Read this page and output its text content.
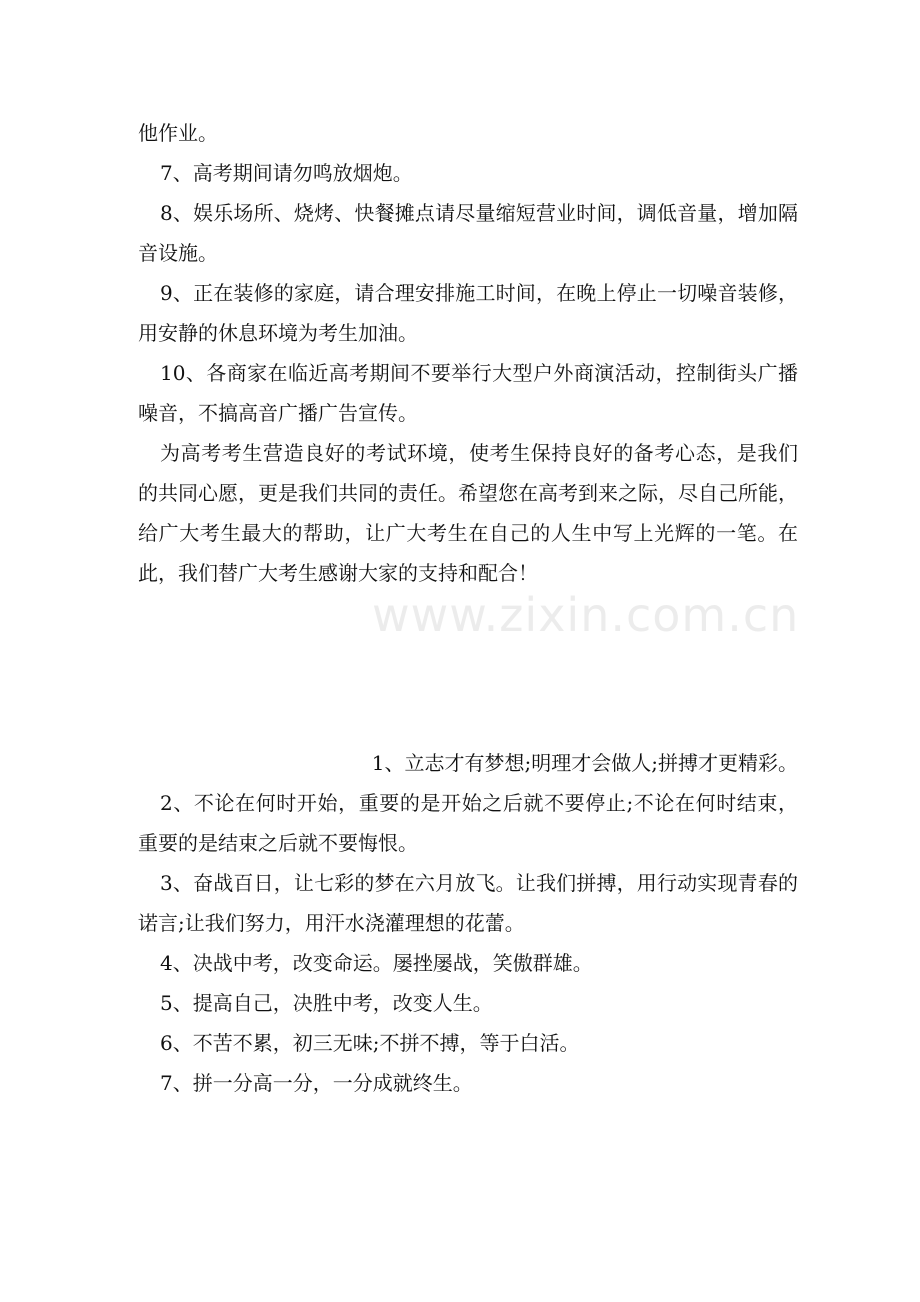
他作业。

7、高考期间请勿鸣放烟炮。

8、娱乐场所、烧烤、快餐摊点请尽量缩短营业时间，调低音量，增加隔音设施。

9、正在装修的家庭，请合理安排施工时间，在晚上停止一切噪音装修，用安静的休息环境为考生加油。

10、各商家在临近高考期间不要举行大型户外商演活动，控制街头广播噪音，不搞高音广播广告宣传。

为高考考生营造良好的考试环境，使考生保持良好的备考心态，是我们的共同心愿，更是我们共同的责任。希望您在高考到来之际，尽自己所能，给广大考生最大的帮助，让广大考生在自己的人生中写上光辉的一笔。在此，我们替广大考生感谢大家的支持和配合！

1、立志才有梦想;明理才会做人;拼搏才更精彩。

2、不论在何时开始，重要的是开始之后就不要停止;不论在何时结束，重要的是结束之后就不要悔恨。

3、奋战百日，让七彩的梦在六月放飞。让我们拼搏，用行动实现青春的诺言;让我们努力，用汗水浇灌理想的花蕾。

4、决战中考，改变命运。屡挫屡战，笑傲群雄。

5、提高自己，决胜中考，改变人生。

6、不苦不累，初三无味;不拼不搏，等于白活。

7、拼一分高一分，一分成就终生。

www.zixin.com.cn
